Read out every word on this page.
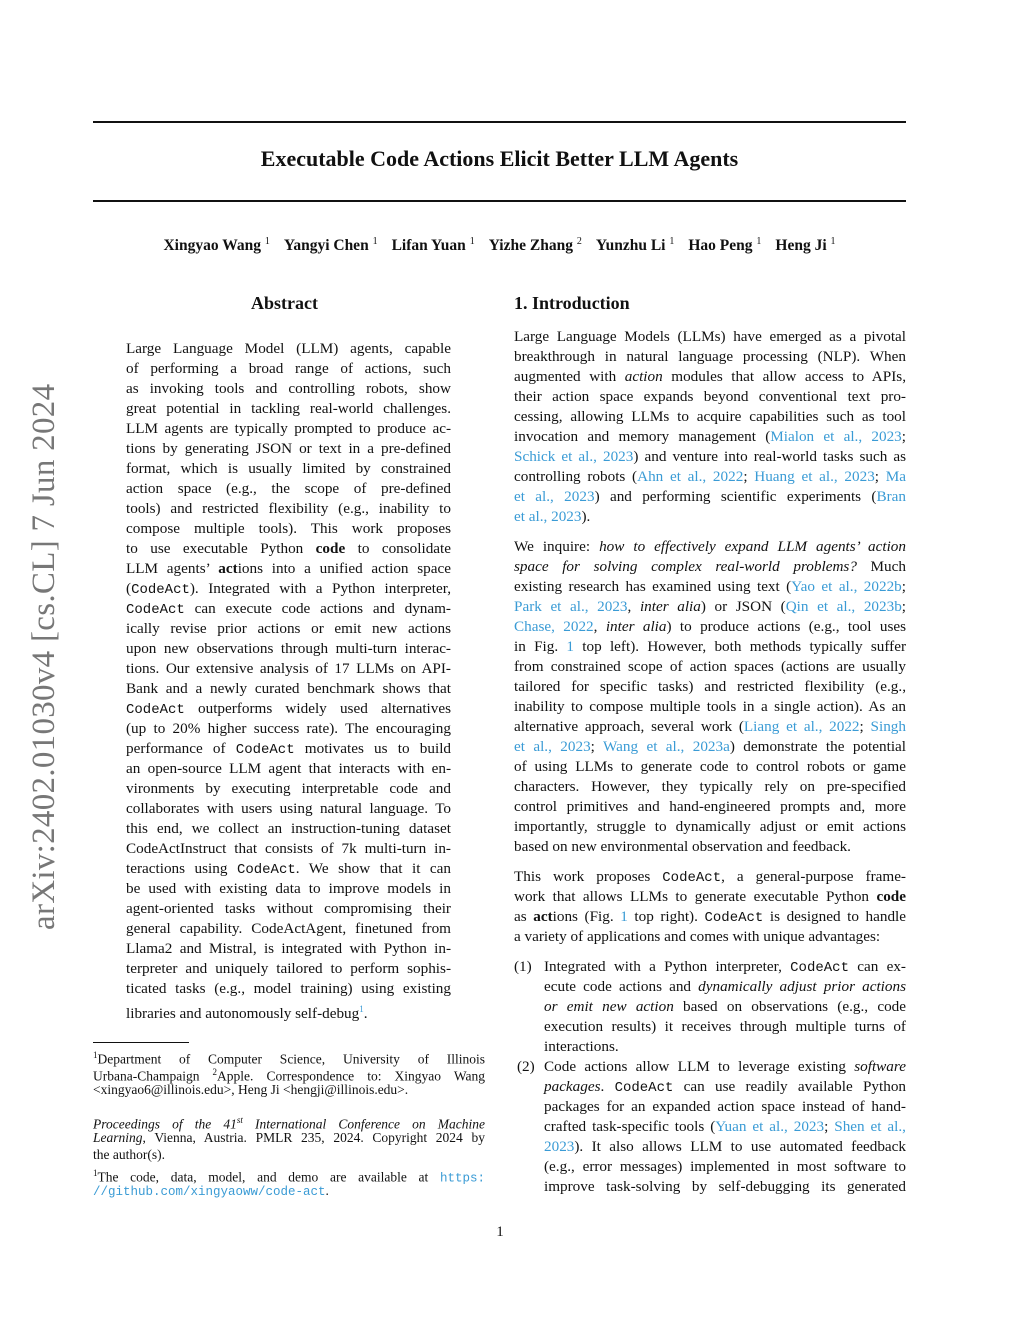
Executable Code Actions Elicit Better LLM Agents
Xingyao Wang $^1$ Yangyi Chen $^1$ Lifan Yuan $^1$ Yizhe Zhang $^2$ Yunzhu Li $^1$ Hao Peng $^1$ Heng Ji $^1$
arXiv:2402.01030v4 [cs.CL] 7 Jun 2024
Abstract
Large Language Model (LLM) agents, capable
of performing a broad range of actions, such
as invoking tools and controlling robots, show
great potential in tackling real-world challenges.
LLM agents are typically prompted to produce ac-
tions by generating JSON or text in a pre-defined
format, which is usually limited by constrained
action space (e.g., the scope of pre-defined
tools) and restricted flexibility (e.g., inability to
compose multiple tools). This work proposes
to use executable Python code to consolidate
LLM agents’ actions into a unified action space
(CodeAct). Integrated with a Python interpreter,
CodeAct can execute code actions and dynam-
ically revise prior actions or emit new actions
upon new observations through multi-turn interac-
tions. Our extensive analysis of 17 LLMs on API-
Bank and a newly curated benchmark shows that
CodeAct outperforms widely used alternatives
(up to 20% higher success rate). The encouraging
performance of CodeAct motivates us to build
an open-source LLM agent that interacts with en-
vironments by executing interpretable code and
collaborates with users using natural language. To
this end, we collect an instruction-tuning dataset
CodeActInstruct that consists of 7k multi-turn in-
teractions using CodeAct. We show that it can
be used with existing data to improve models in
agent-oriented tasks without compromising their
general capability. CodeActAgent, finetuned from
Llama2 and Mistral, is integrated with Python in-
terpreter and uniquely tailored to perform sophis-
ticated tasks (e.g., model training) using existing
libraries and autonomously self-debug$^1$.
1. Introduction
Large Language Models (LLMs) have emerged as a pivotal
breakthrough in natural language processing (NLP). When
augmented with action modules that allow access to APIs,
their action space expands beyond conventional text pro-
cessing, allowing LLMs to acquire capabilities such as tool
invocation and memory management (Mialon et al., 2023;
Schick et al., 2023) and venture into real-world tasks such as
controlling robots (Ahn et al., 2022; Huang et al., 2023; Ma
et al., 2023) and performing scientific experiments (Bran
et al., 2023).
We inquire: how to effectively expand LLM agents’ action
space for solving complex real-world problems? Much
existing research has examined using text (Yao et al., 2022b;
Park et al., 2023, inter alia) or JSON (Qin et al., 2023b;
Chase, 2022, inter alia) to produce actions (e.g., tool uses
in Fig. 1 top left). However, both methods typically suffer
from constrained scope of action spaces (actions are usually
tailored for specific tasks) and restricted flexibility (e.g.,
inability to compose multiple tools in a single action). As an
alternative approach, several work (Liang et al., 2022; Singh
et al., 2023; Wang et al., 2023a) demonstrate the potential
of using LLMs to generate code to control robots or game
characters. However, they typically rely on pre-specified
control primitives and hand-engineered prompts and, more
importantly, struggle to dynamically adjust or emit actions
based on new environmental observation and feedback.
This work proposes CodeAct, a general-purpose frame-
work that allows LLMs to generate executable Python code
as actions (Fig. 1 top right). CodeAct is designed to handle
a variety of applications and comes with unique advantages:
(1) Integrated with a Python interpreter, CodeAct can ex-
ecute code actions and dynamically adjust prior actions
or emit new action based on observations (e.g., code
execution results) it receives through multiple turns of
interactions.
(2) Code actions allow LLM to leverage existing software
packages. CodeAct can use readily available Python
packages for an expanded action space instead of hand-
crafted task-specific tools (Yuan et al., 2023; Shen et al.,
2023). It also allows LLM to use automated feedback
(e.g., error messages) implemented in most software to
improve task-solving by self-debugging its generated
$^1$Department of Computer Science, University of Illinois
Urbana-Champaign $^2$Apple. Correspondence to: Xingyao Wang
<xingyao6@illinois.edu>, Heng Ji <hengji@illinois.edu>.
Proceedings of the 41st International Conference on Machine
Learning, Vienna, Austria. PMLR 235, 2024. Copyright 2024 by
the author(s).
$^1$The code, data, model, and demo are available at https:
//github.com/xingyaoww/code-act.
1
